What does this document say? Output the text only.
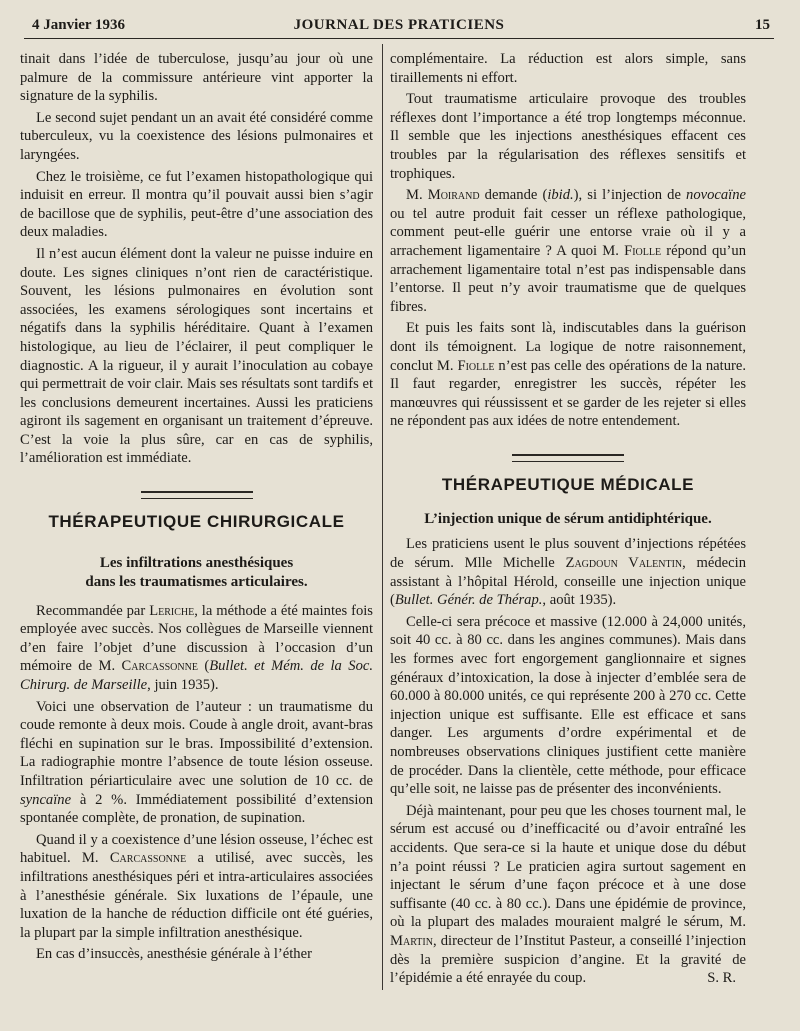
4 Janvier 1936	JOURNAL DES PRATICIENS	15

tinait dans l’idée de tuberculose, jusqu’au jour où une palmure de la commissure antérieure vint apporter la signature de la syphilis.

Le second sujet pendant un an avait été considéré comme tuberculeux, vu la coexistence des lésions pulmonaires et laryngées.

Chez le troisième, ce fut l’examen histopathologique qui induisit en erreur. Il montra qu’il pouvait aussi bien s’agir de bacillose que de syphilis, peut-être d’une association des deux maladies.

Il n’est aucun élément dont la valeur ne puisse induire en doute. Les signes cliniques n’ont rien de caractéristique. Souvent, les lésions pulmonaires en évolution sont associées, les examens sérologiques sont incertains et négatifs dans la syphilis héréditaire. Quant à l’examen histologique, au lieu de l’éclairer, il peut compliquer le diagnostic. A la rigueur, il y aurait l’inoculation au cobaye qui permettrait de voir clair. Mais ses résultats sont tardifs et les conclusions demeurent incertaines. Aussi les praticiens agiront ils sagement en organisant un traitement d’épreuve. C’est la voie la plus sûre, car en cas de syphilis, l’amélioration est immédiate.

THÉRAPEUTIQUE CHIRURGICALE
Les infiltrations anesthésiques
dans les traumatismes articulaires.

Recommandée par Leriche, la méthode a été maintes fois employée avec succès. Nos collègues de Marseille viennent d’en faire l’objet d’une discussion à l’occasion d’un mémoire de M. Carcassonne (Bullet. et Mém. de la Soc. Chirurg. de Marseille, juin 1935).

Voici une observation de l’auteur : un traumatisme du coude remonte à deux mois. Coude à angle droit, avant-bras fléchi en supination sur le bras. Impossibilité d’extension. La radiographie montre l’absence de toute lésion osseuse. Infiltration périarticulaire avec une solution de 10 cc. de syncaïne à 2 %. Immédiatement possibilité d’extension spontanée complète, de pronation, de supination.

Quand il y a coexistence d’une lésion osseuse, l’échec est habituel. M. Carcassonne a utilisé, avec succès, les infiltrations anesthésiques péri et intra-articulaires associées à l’anesthésie générale. Six luxations de l’épaule, une luxation de la hanche de réduction difficile ont été guéries, la plupart par la simple infiltration anesthésique.

En cas d’insuccès, anesthésie générale à l’éther

complémentaire. La réduction est alors simple, sans tiraillements ni effort.

Tout traumatisme articulaire provoque des troubles réflexes dont l’importance a été trop longtemps méconnue. Il semble que les injections anesthésiques effacent ces troubles par la régularisation des réflexes sensitifs et trophiques.

M. Moirand demande (ibid.), si l’injection de novocaïne ou tel autre produit fait cesser un réflexe pathologique, comment peut-elle guérir une entorse vraie où il y a arrachement ligamentaire ? A quoi M. Fiolle répond qu’un arrachement ligamentaire total n’est pas indispensable dans l’entorse. Il peut n’y avoir traumatisme que de quelques fibres.

Et puis les faits sont là, indiscutables dans la guérison dont ils témoignent. La logique de notre raisonnement, conclut M. Fiolle n’est pas celle des opérations de la nature. Il faut regarder, enregistrer les succès, répéter les manœuvres qui réussissent et se garder de les rejeter si elles ne répondent pas aux idées de notre entendement.

THÉRAPEUTIQUE MÉDICALE
L’injection unique de sérum antidiphtérique.

Les praticiens usent le plus souvent d’injections répétées de sérum. Mlle Michelle Zagdoun Valentin, médecin assistant à l’hôpital Hérold, conseille une injection unique (Bullet. Génér. de Thérap., août 1935).

Celle-ci sera précoce et massive (12.000 à 24,000 unités, soit 40 cc. à 80 cc. dans les angines communes). Mais dans les formes avec fort engorgement ganglionnaire et signes généraux d’intoxication, la dose à injecter d’emblée sera de 60.000 à 80.000 unités, ce qui représente 200 à 270 cc. Cette injection unique est suffisante. Elle est efficace et sans danger. Les arguments d’ordre expérimental et de nombreuses observations cliniques justifient cette manière de procéder. Dans la clientèle, cette méthode, pour efficace qu’elle soit, ne laisse pas de présenter des inconvénients.

Déjà maintenant, pour peu que les choses tournent mal, le sérum est accusé ou d’inefficacité ou d’avoir entraîné les accidents. Que sera-ce si la haute et unique dose du début n’a point réussi ? Le praticien agira surtout sagement en injectant le sérum d’une façon précoce et à une dose suffisante (40 cc. à 80 cc.). Dans une épidémie de province, où la plupart des malades mouraient malgré le sérum, M. Martin, directeur de l’Institut Pasteur, a conseillé l’injection dès la première suspicion d’angine. Et la gravité de l’épidémie a été enrayée du coup.	S. R.
